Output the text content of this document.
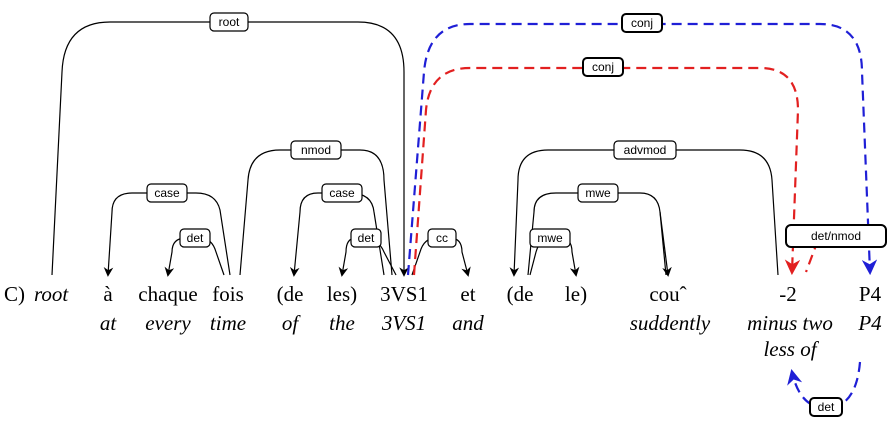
root	conj
conj
nmod	advmod
case	case	mwe
det	det	cc	mwe	det/nmod
det
C) root à chaque fois (de les) 3VS1 et (de le)	couˆ	-2	P4
at every time of the 3VS1 and	suddently minus two P4
less of
